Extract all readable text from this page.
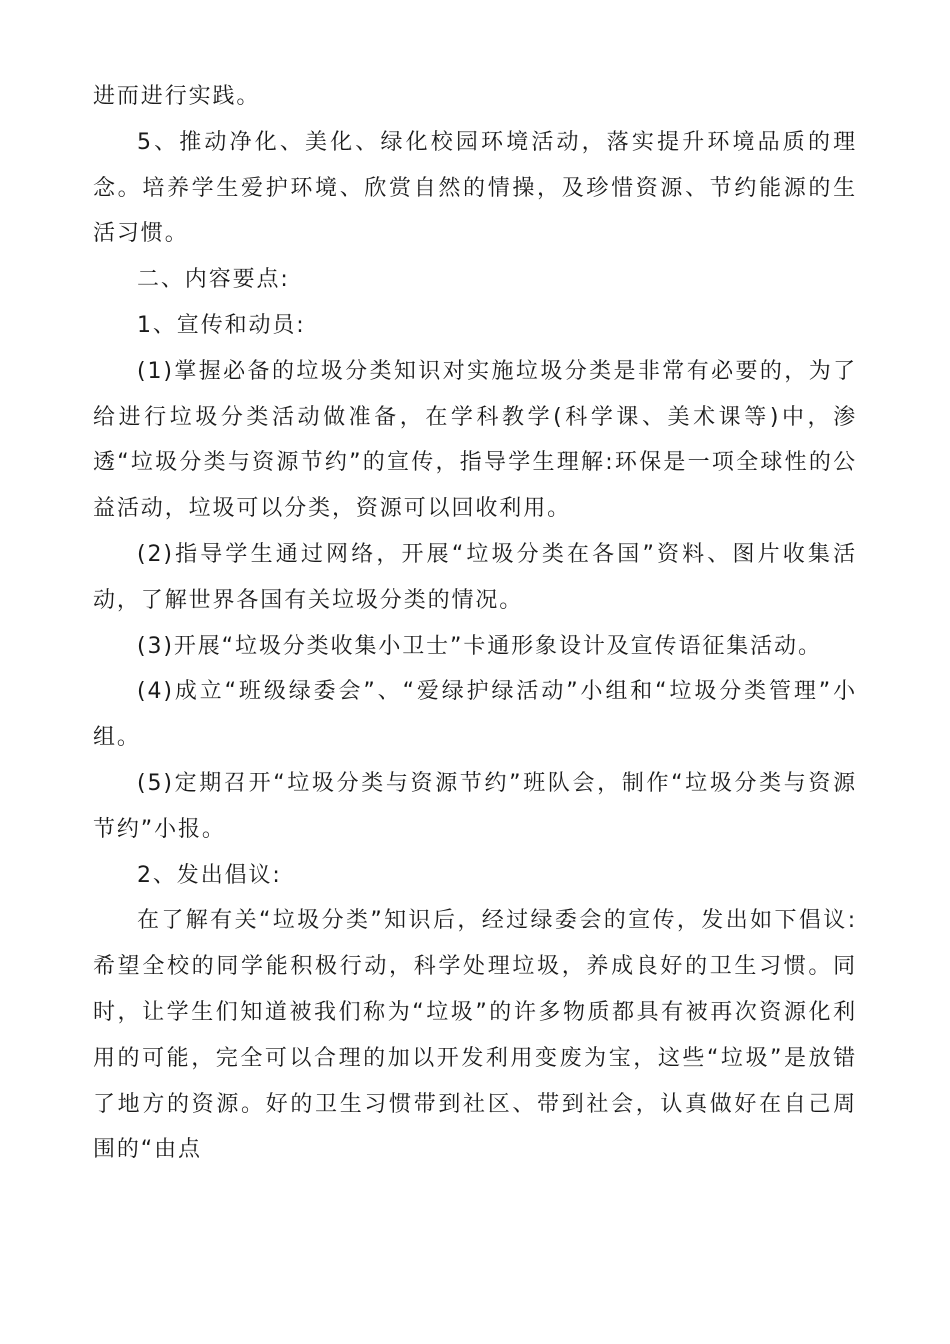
进而进行实践。

5、推动净化、美化、绿化校园环境活动，落实提升环境品质的理念。培养学生爱护环境、欣赏自然的情操，及珍惜资源、节约能源的生活习惯。

二、内容要点:

1、宣传和动员:

(1)掌握必备的垃圾分类知识对实施垃圾分类是非常有必要的，为了给进行垃圾分类活动做准备，在学科教学(科学课、美术课等)中，渗透“垃圾分类与资源节约”的宣传，指导学生理解:环保是一项全球性的公益活动，垃圾可以分类，资源可以回收利用。

(2)指导学生通过网络，开展“垃圾分类在各国”资料、图片收集活动，了解世界各国有关垃圾分类的情况。

(3)开展“垃圾分类收集小卫士”卡通形象设计及宣传语征集活动。

(4)成立“班级绿委会”、“爱绿护绿活动”小组和“垃圾分类管理”小组。

(5)定期召开“垃圾分类与资源节约”班队会，制作“垃圾分类与资源节约”小报。

2、发出倡议:

在了解有关“垃圾分类”知识后，经过绿委会的宣传，发出如下倡议:希望全校的同学能积极行动，科学处理垃圾，养成良好的卫生习惯。同时，让学生们知道被我们称为“垃圾”的许多物质都具有被再次资源化利用的可能，完全可以合理的加以开发利用变废为宝，这些“垃圾”是放错了地方的资源。好的卫生习惯带到社区、带到社会，认真做好在自己周围的“由点
